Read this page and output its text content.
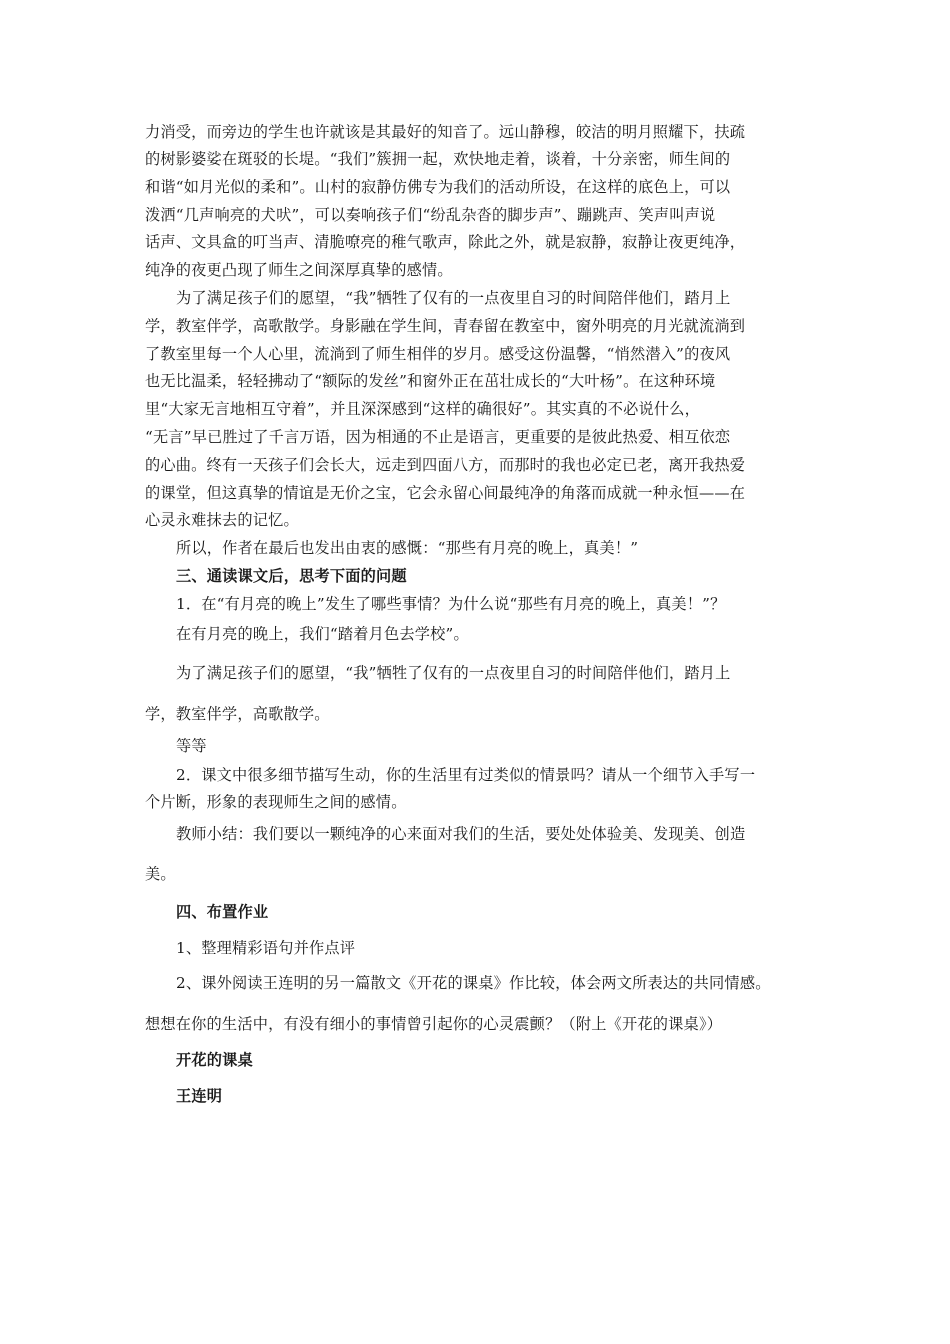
力消受，而旁边的学生也许就该是其最好的知音了。远山静穆，皎洁的明月照耀下，扶疏
的树影婆娑在斑驳的长堤。“我们”簇拥一起，欢快地走着，谈着，十分亲密，师生间的
和谐“如月光似的柔和”。山村的寂静仿佛专为我们的活动所设，在这样的底色上，可以
泼洒“几声响亮的犬吠”，可以奏响孩子们“纷乱杂沓的脚步声”、蹦跳声、笑声叫声说
话声、文具盒的叮当声、清脆嘹亮的稚气歌声，除此之外，就是寂静，寂静让夜更纯净，
纯净的夜更凸现了师生之间深厚真挚的感情。
为了满足孩子们的愿望，“我”牺牲了仅有的一点夜里自习的时间陪伴他们，踏月上
学，教室伴学，高歌散学。身影融在学生间，青春留在教室中，窗外明亮的月光就流淌到
了教室里每一个人心里，流淌到了师生相伴的岁月。感受这份温馨，“悄然潜入”的夜风
也无比温柔，轻轻拂动了“额际的发丝”和窗外正在茁壮成长的“大叶杨”。在这种环境
里“大家无言地相互守着”，并且深深感到“这样的确很好”。其实真的不必说什么，
“无言”早已胜过了千言万语，因为相通的不止是语言，更重要的是彼此热爱、相互依恋
的心曲。终有一天孩子们会长大，远走到四面八方，而那时的我也必定已老，离开我热爱
的课堂，但这真挚的情谊是无价之宝，它会永留心间最纯净的角落而成就一种永恒——在
心灵永难抹去的记忆。
所以，作者在最后也发出由衷的感慨：“那些有月亮的晚上，真美！”
三、通读课文后，思考下面的问题
1．在“有月亮的晚上”发生了哪些事情？为什么说“那些有月亮的晚上，真美！”？
在有月亮的晚上，我们“踏着月色去学校”。
为了满足孩子们的愿望，“我”牺牲了仅有的一点夜里自习的时间陪伴他们，踏月上
学，教室伴学，高歌散学。
等等
2．课文中很多细节描写生动，你的生活里有过类似的情景吗？请从一个细节入手写一
个片断，形象的表现师生之间的感情。
教师小结：我们要以一颗纯净的心来面对我们的生活，要处处体验美、发现美、创造
美。
四、布置作业
1、整理精彩语句并作点评
2、课外阅读王连明的另一篇散文《开花的课桌》作比较，体会两文所表达的共同情感。
想想在你的生活中，有没有细小的事情曾引起你的心灵震颤？（附上《开花的课桌》）
开花的课桌
王连明
